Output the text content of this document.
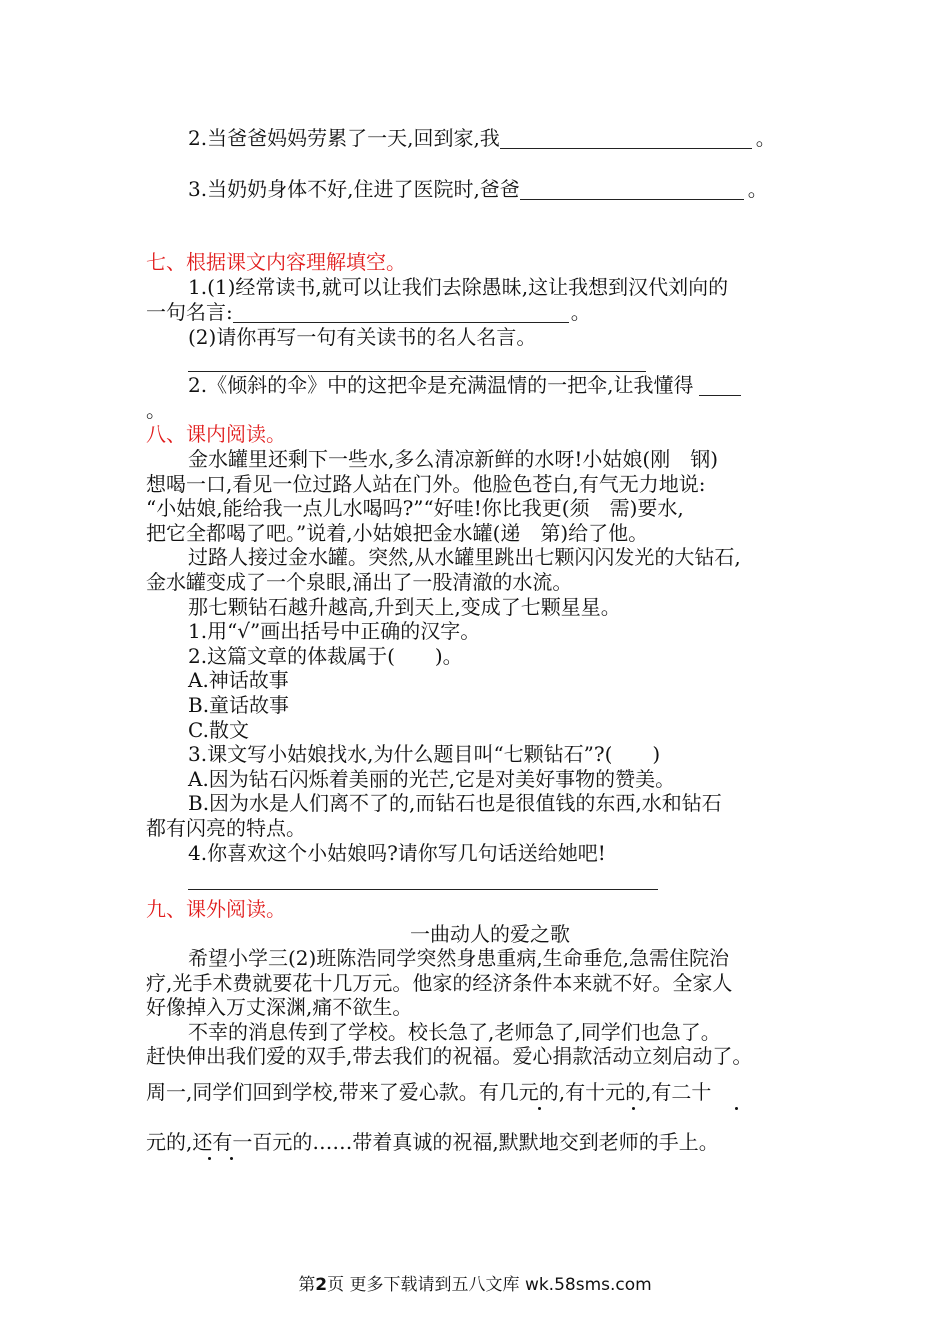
2.当爸爸妈妈劳累了一天,回到家,我	。
3.当奶奶身体不好,住进了医院时,爸爸	。
七、根据课文内容理解填空。
1.(1)经常读书,就可以让我们去除愚昧,这让我想到汉代刘向的
一句名言:	。
(2)请你再写一句有关读书的名人名言。
2.《倾斜的伞》中的这把伞是充满温情的一把伞,让我懂得
。
八、课内阅读。
金水罐里还剩下一些水,多么清凉新鲜的水呀!小姑娘(刚　钢)
想喝一口,看见一位过路人站在门外。他脸色苍白,有气无力地说:
“小姑娘,能给我一点儿水喝吗?”“好哇!你比我更(须　需)要水,
把它全都喝了吧。”说着,小姑娘把金水罐(递　第)给了他。
过路人接过金水罐。突然,从水罐里跳出七颗闪闪发光的大钻石,
金水罐变成了一个泉眼,涌出了一股清澈的水流。
那七颗钻石越升越高,升到天上,变成了七颗星星。
1.用“√”画出括号中正确的汉字。
2.这篇文章的体裁属于(　　)。
A.神话故事
B.童话故事
C.散文
3.课文写小姑娘找水,为什么题目叫“七颗钻石”?(　　)
A.因为钻石闪烁着美丽的光芒,它是对美好事物的赞美。
B.因为水是人们离不了的,而钻石也是很值钱的东西,水和钻石
都有闪亮的特点。
4.你喜欢这个小姑娘吗?请你写几句话送给她吧!
九、课外阅读。
一曲动人的爱之歌
希望小学三(2)班陈浩同学突然身患重病,生命垂危,急需住院治
疗,光手术费就要花十几万元。他家的经济条件本来就不好。全家人
好像掉入万丈深渊,痛不欲生。
不幸的消息传到了学校。校长急了,老师急了,同学们也急了。
赶快伸出我们爱的双手,带去我们的祝福。爱心捐款活动立刻启动了。
周一,同学们回到学校,带来了爱心款。有几元的,有十元的,有二十
元的,还有一百元的……带着真诚的祝福,默默地交到老师的手上。
第2页 更多下载请到五八文库 wk.58sms.com
